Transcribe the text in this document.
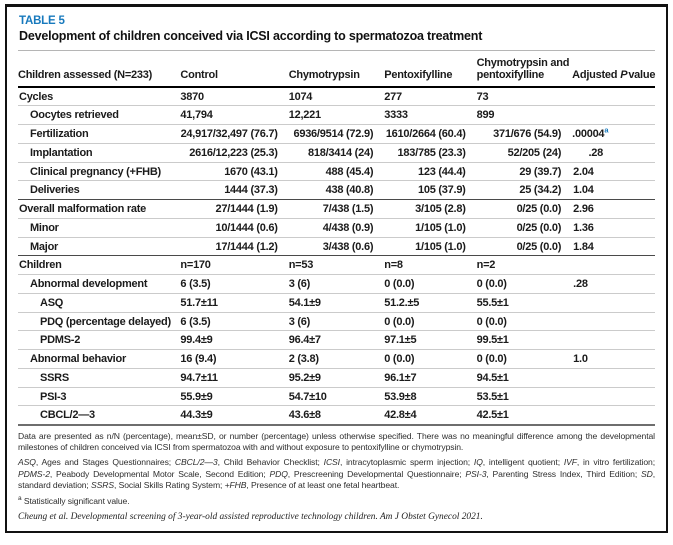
TABLE 5
Development of children conceived via ICSI according to spermatozoa treatment
Children assessed (N=233)	Control	Chymotrypsin	Pentoxifylline	Chymotrypsin and pentoxifylline	Adjusted Pvalue
Cycles	3870	1074	277	73	
Oocytes retrieved	41,794	12,221	3333	899	
Fertilization	24,917/32,497 (76.7)	6936/9514 (72.9)	1610/2664 (60.4)	371/676 (54.9)	.00004$^a$
Implantation	2616/12,223 (25.3)	818/3414 (24)	183/785 (23.3)	52/205 (24)	.28
Clinical pregnancy (+FHB)	1670 (43.1)	488 (45.4)	123 (44.4)	29 (39.7)	2.04
Deliveries	1444 (37.3)	438 (40.8)	105 (37.9)	25 (34.2)	1.04
Overall malformation rate	27/1444 (1.9)	7/438 (1.5)	3/105 (2.8)	0/25 (0.0)	2.96
Minor	10/1444 (0.6)	4/438 (0.9)	1/105 (1.0)	0/25 (0.0)	1.36
Major	17/1444 (1.2)	3/438 (0.6)	1/105 (1.0)	0/25 (0.0)	1.84
Children	n=170	n=53	n=8	n=2	
Abnormal development	6 (3.5)	3 (6)	0 (0.0)	0 (0.0)	.28
ASQ	51.7±11	54.1±9	51.2.±5	55.5±1	
PDQ (percentage delayed)	6 (3.5)	3 (6)	0 (0.0)	0 (0.0)	
PDMS-2	99.4±9	96.4±7	97.1±5	99.5±1	
Abnormal behavior	16 (9.4)	2 (3.8)	0 (0.0)	0 (0.0)	1.0
SSRS	94.7±11	95.2±9	96.1±7	94.5±1	
PSI-3	55.9±9	54.7±10	53.9±8	53.5±1	
CBCL/2—3	44.3±9	43.6±8	42.8±4	42.5±1	

Data are presented as n/N (percentage), mean±SD, or number (percentage) unless otherwise specified. There was no meaningful difference among the developmental milestones of children conceived via ICSI from spermatozoa with and without exposure to pentoxifylline or chymotrypsin.

ASQ, Ages and Stages Questionnaires; CBCL/2—3, Child Behavior Checklist; ICSI, intracytoplasmic sperm injection; IQ, intelligent quotient; IVF, in vitro fertilization; PDMS-2, Peabody Developmental Motor Scale, Second Edition; PDQ, Prescreening Developmental Questionnaire; PSI-3, Parenting Stress Index, Third Edition; SD, standard deviation; SSRS, Social Skills Rating System; +FHB, Presence of at least one fetal heartbeat.

$^a$ Statistically significant value.

Cheung et al. Developmental screening of 3-year-old assisted reproductive technology children. Am J Obstet Gynecol 2021.
